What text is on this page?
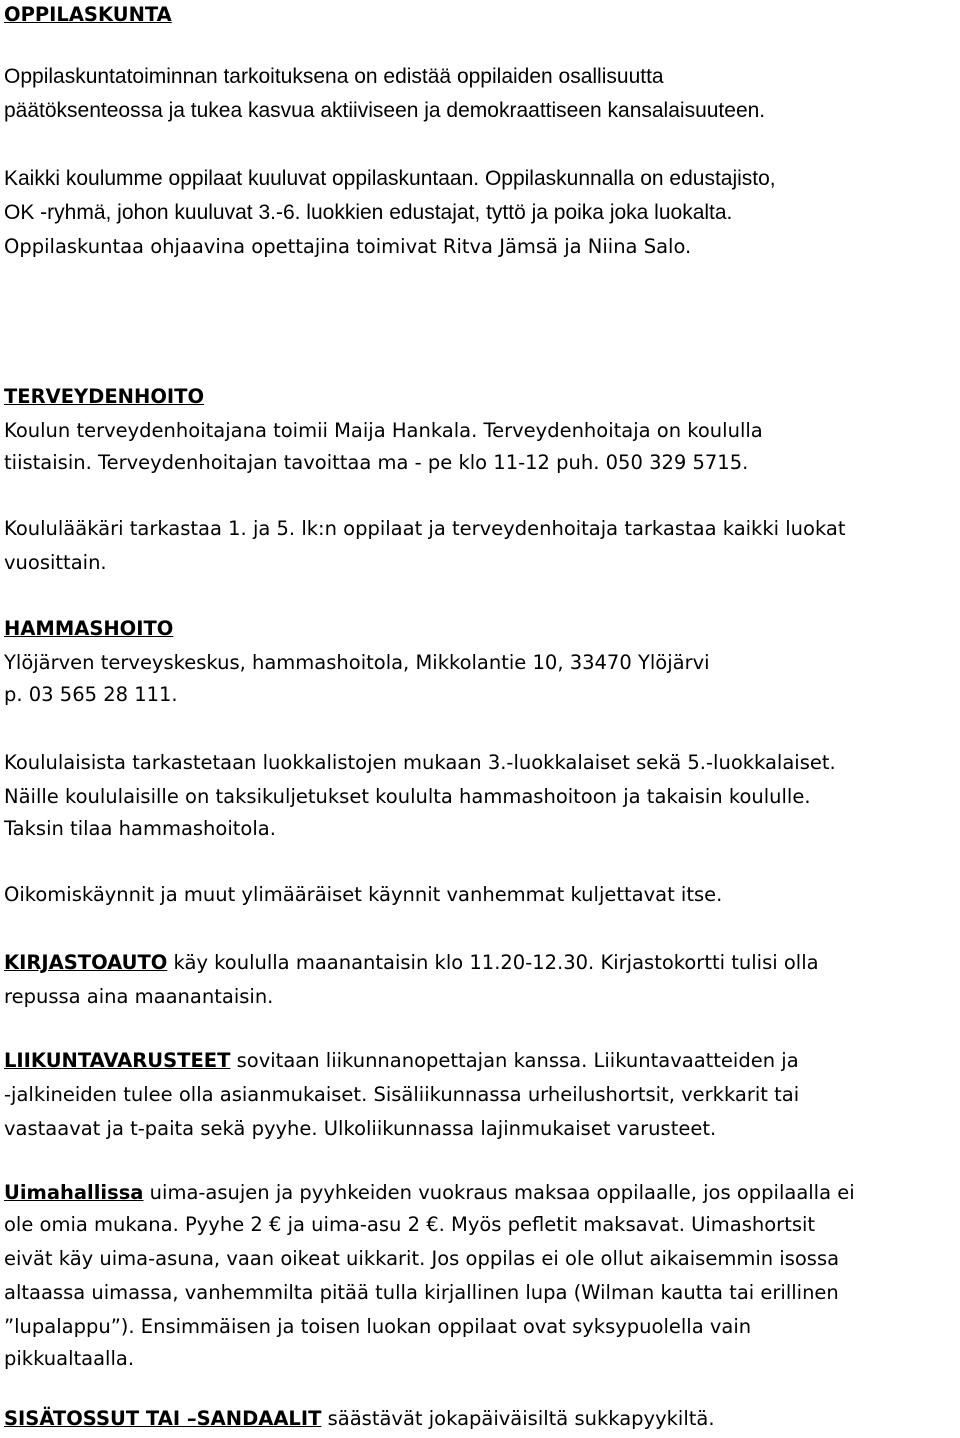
OPPILASKUNTA
Oppilaskuntatoiminnan tarkoituksena on edistää oppilaiden osallisuutta
päätöksenteossa ja tukea kasvua aktiiviseen ja demokraattiseen kansalaisuuteen.
Kaikki koulumme oppilaat kuuluvat oppilaskuntaan. Oppilaskunnalla on edustajisto,
OK -ryhmä, johon kuuluvat 3.-6. luokkien edustajat, tyttö ja poika joka luokalta.
Oppilaskuntaa ohjaavina opettajina toimivat Ritva Jämsä ja Niina Salo.
TERVEYDENHOITO
Koulun terveydenhoitajana toimii Maija Hankala. Terveydenhoitaja on koululla
tiistaisin. Terveydenhoitajan tavoittaa ma - pe klo 11-12 puh. 050 329 5715.
Koululääkäri tarkastaa 1. ja 5. lk:n oppilaat ja terveydenhoitaja tarkastaa kaikki luokat
vuosittain.
HAMMASHOITO
Ylöjärven terveyskeskus, hammashoitola, Mikkolantie 10, 33470 Ylöjärvi
p. 03 565 28 111.
Koululaisista tarkastetaan luokkalistojen mukaan 3.-luokkalaiset sekä 5.-luokkalaiset.
Näille koululaisille on taksikuljetukset koululta hammashoitoon ja takaisin koululle.
Taksin tilaa hammashoitola.
Oikomiskäynnit ja muut ylimääräiset käynnit vanhemmat kuljettavat itse.
KIRJASTOAUTO käy koululla maanantaisin klo 11.20-12.30. Kirjastokortti tulisi olla
repussa aina maanantaisin.
LIIKUNTAVARUSTEET sovitaan liikunnanopettajan kanssa. Liikuntavaatteiden ja
-jalkineiden tulee olla asianmukaiset. Sisäliikunnassa urheilushortsit, verkkarit tai
vastaavat ja t-paita sekä pyyhe. Ulkoliikunnassa lajinmukaiset varusteet.
Uimahallissa uima-asujen ja pyyhkeiden vuokraus maksaa oppilaalle, jos oppilaalla ei
ole omia mukana. Pyyhe 2 € ja uima-asu 2 €. Myös pefletit maksavat. Uimashortsit
eivät käy uima-asuna, vaan oikeat uikkarit. Jos oppilas ei ole ollut aikaisemmin isossa
altaassa uimassa, vanhemmilta pitää tulla kirjallinen lupa (Wilman kautta tai erillinen
”lupalappu”). Ensimmäisen ja toisen luokan oppilaat ovat syksypuolella vain
pikkualtaalla.
SISÄTOSSUT TAI –SANDAALIT säästävät jokapäiväisiltä sukkapyykiltä.
